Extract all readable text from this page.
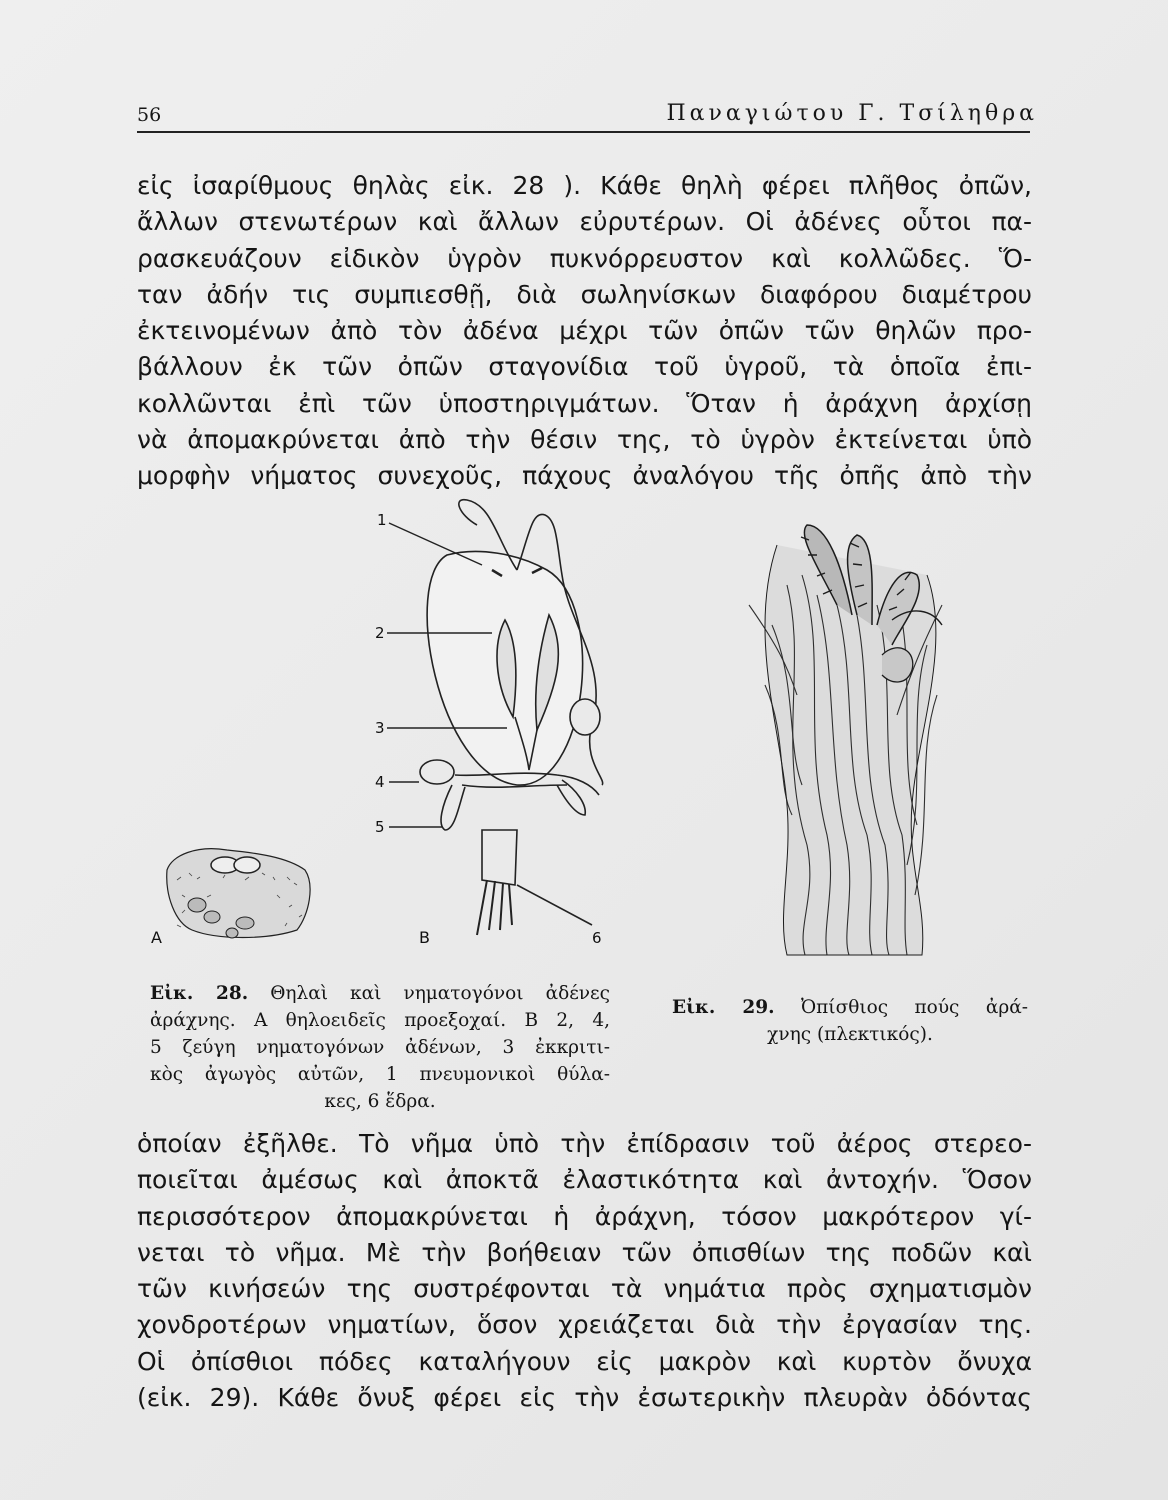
56	Παναγιώτου Γ. Τσίληθρα
εἰς ἰσαρίθμους θηλὰς εἰκ. 28 ). Κάθε θηλὴ φέρει πλῆθος ὀπῶν,
ἄλλων στενωτέρων καὶ ἄλλων εὐρυτέρων. Οἱ ἀδένες οὗτοι πα-
ρασκευάζουν εἰδικὸν ὑγρὸν πυκνόρρευστον καὶ κολλῶδες. Ὅ-
ταν ἀδήν τις συμπιεσθῇ, διὰ σωληνίσκων διαφόρου διαμέτρου
ἐκτεινομένων ἀπὸ τὸν ἀδένα μέχρι τῶν ὀπῶν τῶν θηλῶν προ-
βάλλουν ἐκ τῶν ὀπῶν σταγονίδια τοῦ ὑγροῦ, τὰ ὁποῖα ἐπι-
κολλῶνται ἐπὶ τῶν ὑποστηριγμάτων. Ὅταν ἡ ἀράχνη ἀρχίσῃ
νὰ ἀπομακρύνεται ἀπὸ τὴν θέσιν της, τὸ ὑγρὸν ἐκτείνεται ὑπὸ
μορφὴν νήματος συνεχοῦς, πάχους ἀναλόγου τῆς ὀπῆς ἀπὸ τὴν
A
1
2
3
4
5
6
B
Εἰκ. 28. Θηλαὶ καὶ νηματογόνοι ἀδένες
ἀράχνης. Α θηλοειδεῖς προεξοχαί. Β 2, 4,
5 ζεύγη νηματογόνων ἀδένων, 3 ἐκκριτι-
κὸς ἀγωγὸς αὐτῶν, 1 πνευμονικοὶ θύλα-
κες, 6 ἕδρα.
Εἰκ. 29. Ὀπίσθιος πούς ἀρά-
χνης (πλεκτικός).
ὁποίαν ἐξῆλθε. Τὸ νῆμα ὑπὸ τὴν ἐπίδρασιν τοῦ ἀέρος στερεο-
ποιεῖται ἀμέσως καὶ ἀποκτᾶ ἐλαστικότητα καὶ ἀντοχήν. Ὅσον
περισσότερον ἀπομακρύνεται ἡ ἀράχνη, τόσον μακρότερον γί-
νεται τὸ νῆμα. Μὲ τὴν βοήθειαν τῶν ὀπισθίων της ποδῶν καὶ
τῶν κινήσεών της συστρέφονται τὰ νημάτια πρὸς σχηματισμὸν
χονδροτέρων νηματίων, ὅσον χρειάζεται διὰ τὴν ἐργασίαν της.
Οἱ ὀπίσθιοι πόδες καταλήγουν εἰς μακρὸν καὶ κυρτὸν ὄνυχα
(εἰκ. 29). Κάθε ὄνυξ φέρει εἰς τὴν ἐσωτερικὴν πλευρὰν ὀδόντας
